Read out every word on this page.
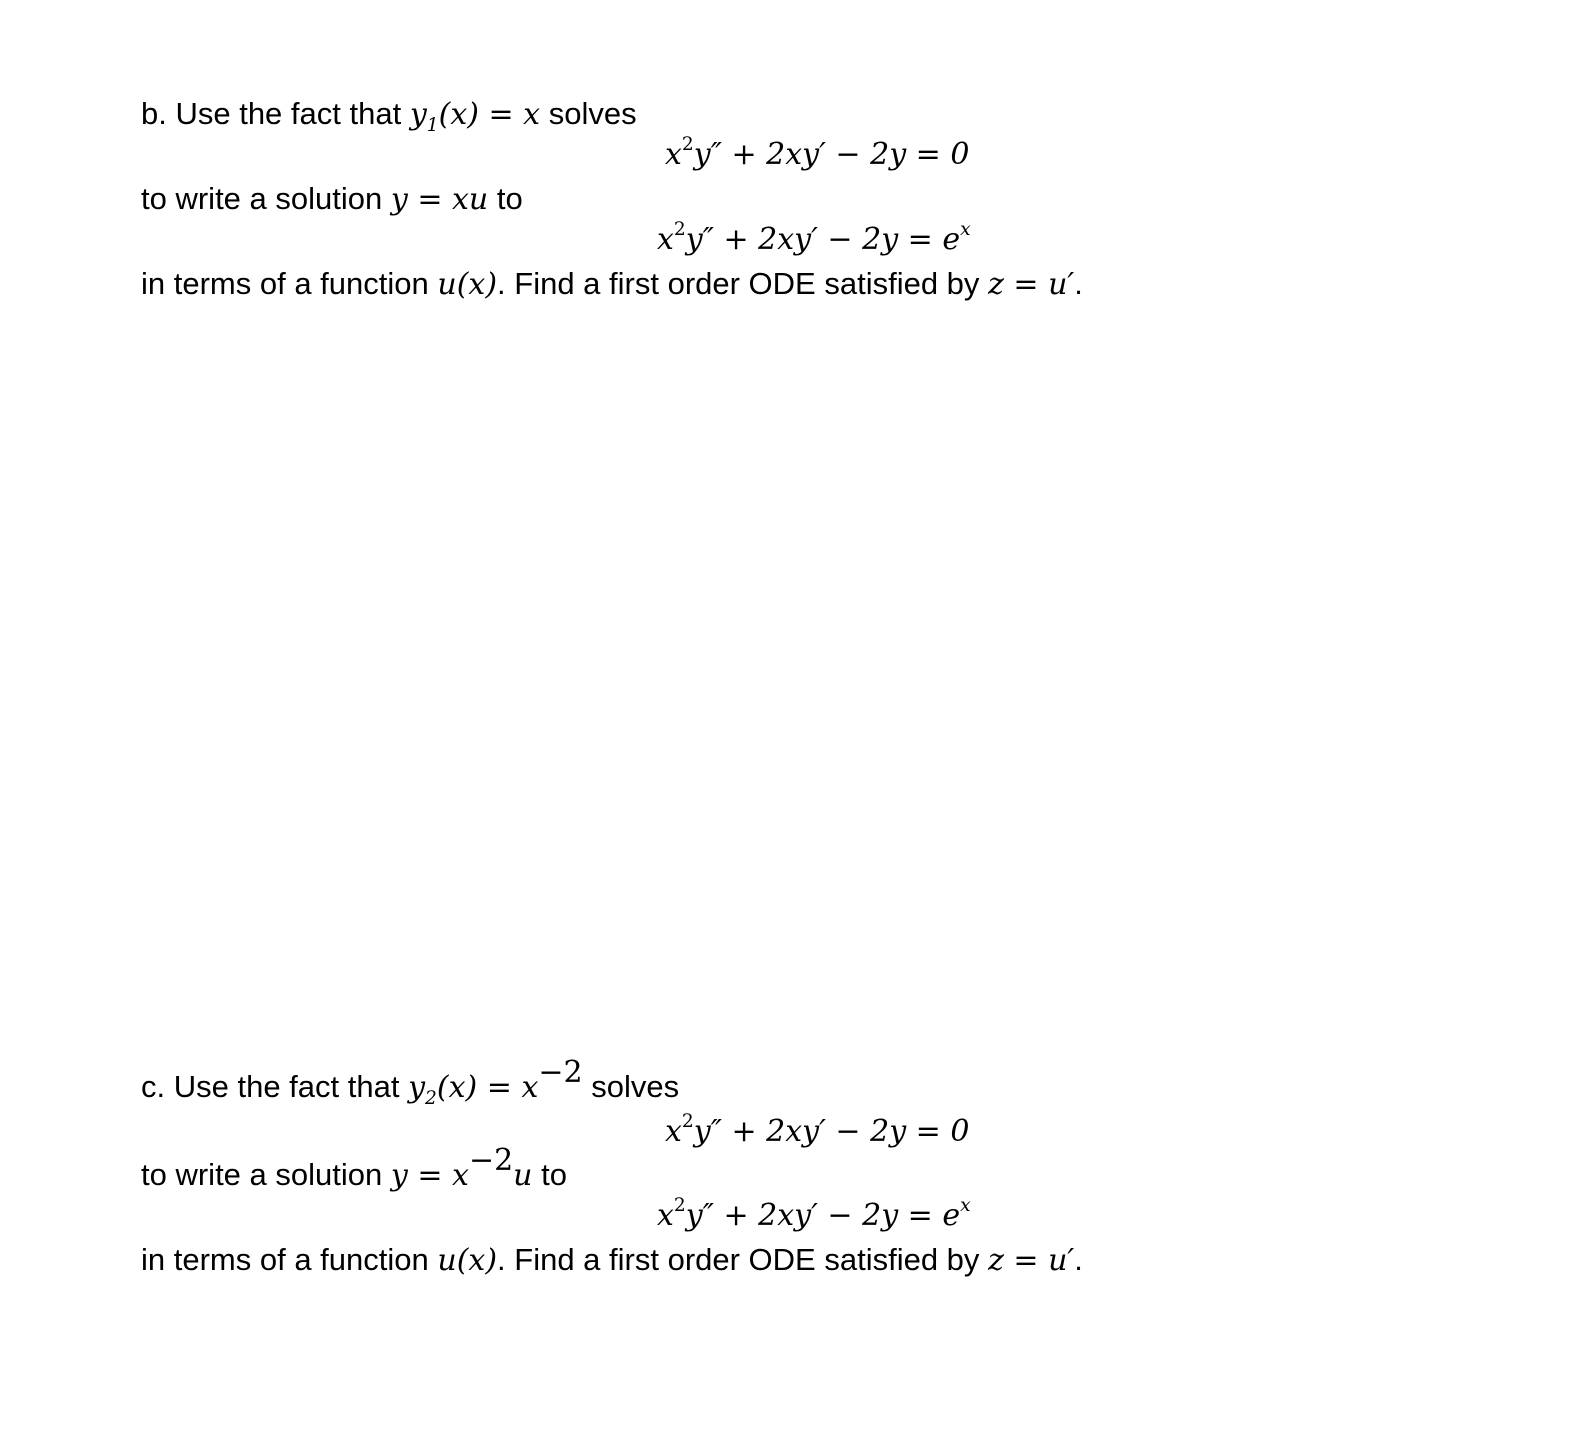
b. Use the fact that $y_1(x) = x$ solves
$x^2y'' + 2xy' - 2y = 0$
to write a solution y = xu to
$x^2y'' + 2xy' - 2y = e^x$
in terms of a function u(x). Find a first order ODE satisfied by z = u′.
c. Use the fact that $y_2(x) = x^{-2}$ solves
$x^2y'' + 2xy' - 2y = 0$
to write a solution $y = x^{-2}u$ to
$x^2y'' + 2xy' - 2y = e^x$
in terms of a function u(x). Find a first order ODE satisfied by z = u′.
